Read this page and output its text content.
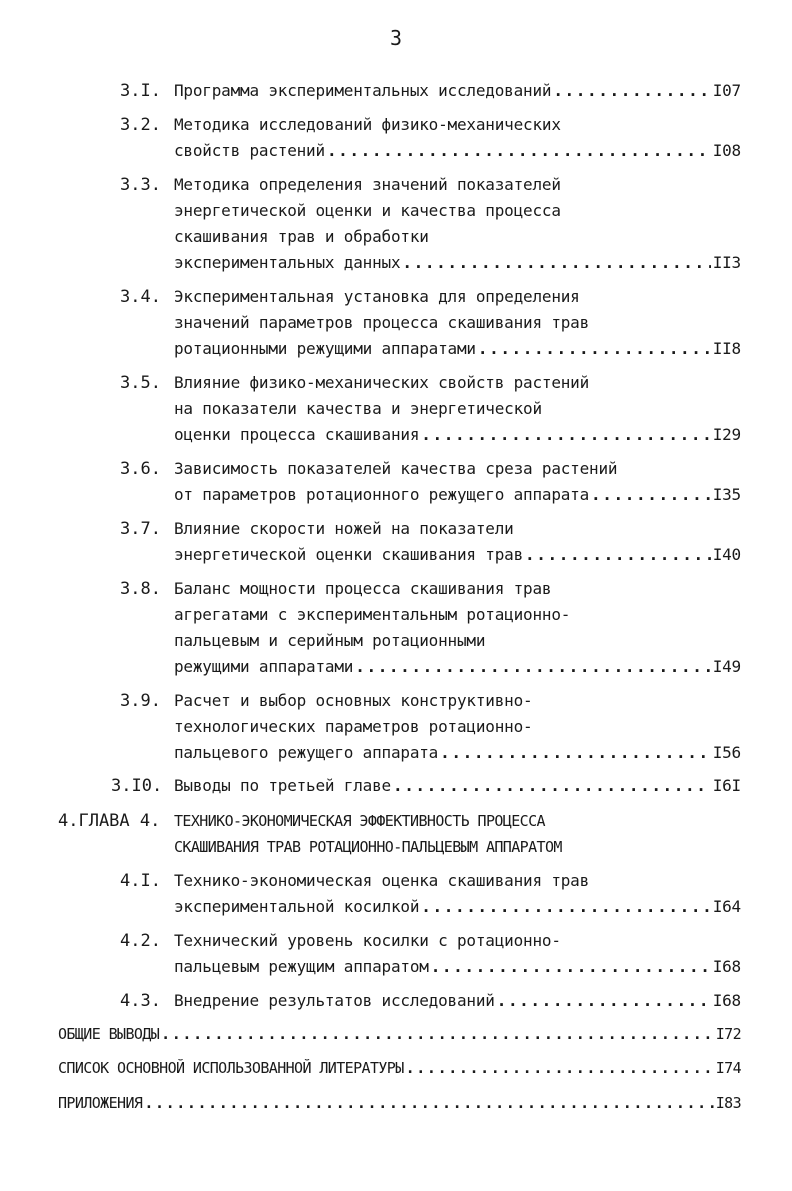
3
3.I. Программа экспериментальных исследований .....	I07
3.2. Методика исследований физико-механических
свойств растений .....	I08
3.3. Методика определения значений показателей
энергетической оценки и качества процесса
скашивания трав и обработки
экспериментальных данных .....	II3
3.4. Экспериментальная установка для определения
значений параметров процесса скашивания трав
ротационными режущими аппаратами .....	II8
3.5. Влияние физико-механических свойств растений
на показатели качества и энергетической
оценки процесса скашивания .....	I29
3.6. Зависимость показателей качества среза растений
от параметров ротационного режущего аппарата .....	I35
3.7. Влияние скорости ножей на показатели
энергетической оценки скашивания трав .....	I40
3.8. Баланс мощности процесса скашивания трав
агрегатами с экспериментальным ротационно-
пальцевым и серийным ротационными
режущими аппаратами .....	I49
3.9. Расчет и выбор основных конструктивно-
технологических параметров ротационно-
пальцевого режущего аппарата .....	I56
3.I0. Выводы по третьей главе .....	I6I
4.ГЛАВА 4. ТЕХНИКО-ЭКОНОМИЧЕСКАЯ ЭФФЕКТИВНОСТЬ ПРОЦЕССА
СКАШИВАНИЯ ТРАВ РОТАЦИОННО-ПАЛЬЦЕВЫМ АППАРАТОМ
4.I. Технико-экономическая оценка скашивания трав
экспериментальной косилкой .....	I64
4.2. Технический уровень косилки с ротационно-
пальцевым режущим аппаратом .....	I68
4.3. Внедрение результатов исследований .....	I68
ОБЩИЕ ВЫВОДЫ .....	I72
СПИСОК ОСНОВНОЙ ИСПОЛЬЗОВАННОЙ ЛИТЕРАТУРЫ .....	I74
ПРИЛОЖЕНИЯ .....	I83
